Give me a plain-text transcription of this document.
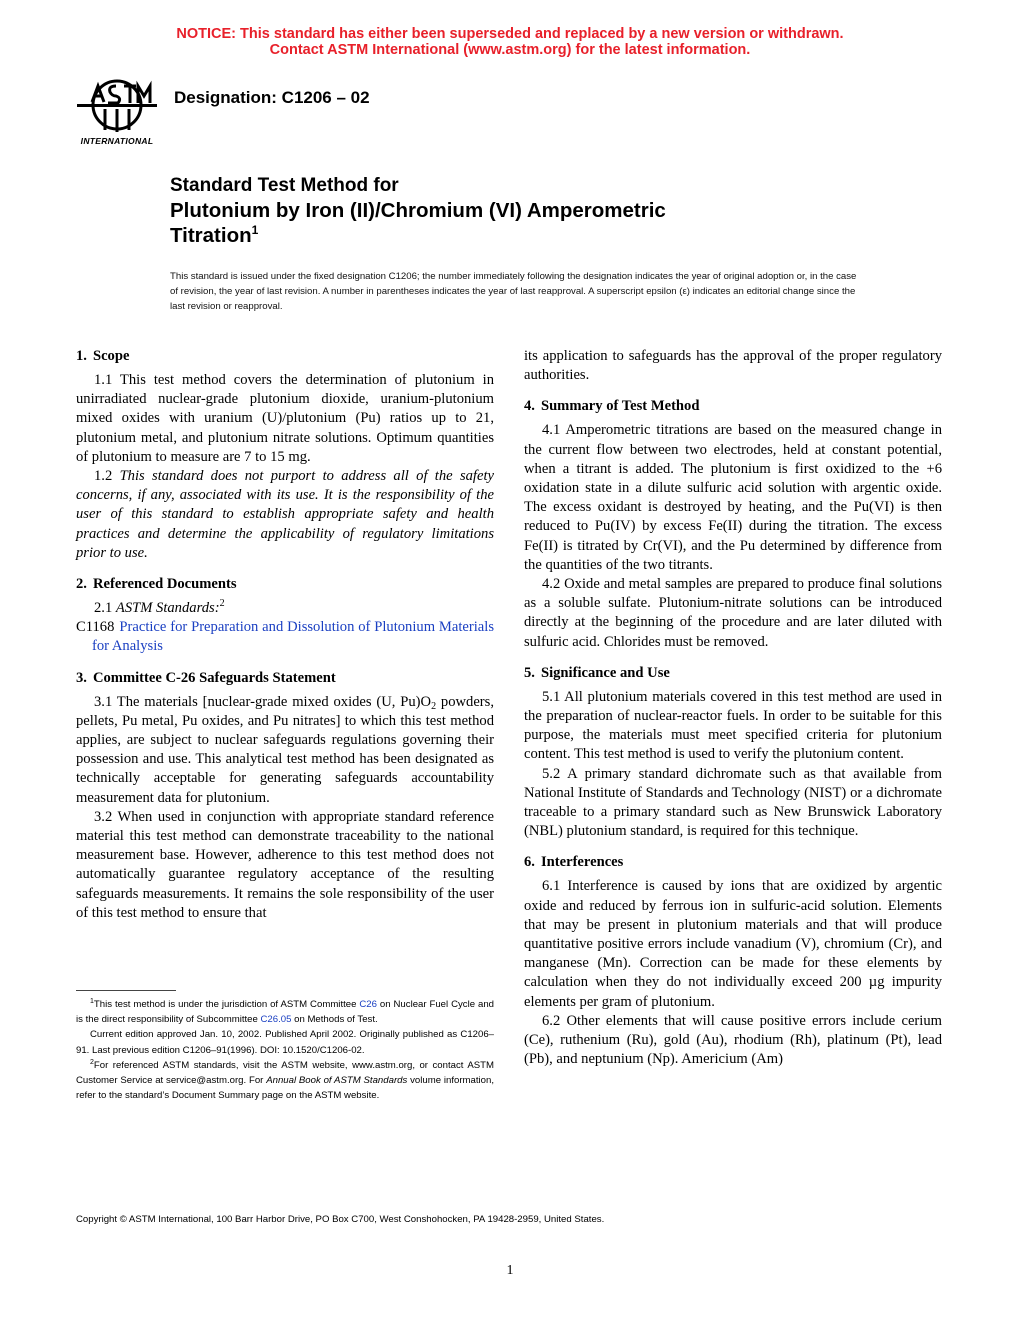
NOTICE: This standard has either been superseded and replaced by a new version or withdrawn.
Contact ASTM International (www.astm.org) for the latest information.
INTERNATIONAL
Designation: C1206 – 02
Standard Test Method for
Plutonium by Iron (II)/Chromium (VI) Amperometric
Titration$^1$
This standard is issued under the fixed designation C1206; the number immediately following the designation indicates the year of original adoption or, in the case of revision, the year of last revision. A number in parentheses indicates the year of last reapproval. A superscript epsilon (ε) indicates an editorial change since the last revision or reapproval.
1. Scope

1.1 This test method covers the determination of plutonium in unirradiated nuclear-grade plutonium dioxide, uranium-plutonium mixed oxides with uranium (U)/plutonium (Pu) ratios up to 21, plutonium metal, and plutonium nitrate solutions. Optimum quantities of plutonium to measure are 7 to 15 mg.

1.2 This standard does not purport to address all of the safety concerns, if any, associated with its use. It is the responsibility of the user of this standard to establish appropriate safety and health practices and determine the applicability of regulatory limitations prior to use.

2. Referenced Documents

2.1 ASTM Standards:$^2$

C1168 Practice for Preparation and Dissolution of Plutonium Materials for Analysis

3. Committee C-26 Safeguards Statement

3.1 The materials [nuclear-grade mixed oxides (U, $Pu)O_2$ powders, pellets, Pu metal, Pu oxides, and Pu nitrates] to which this test method applies, are subject to nuclear safeguards regulations governing their possession and use. This analytical test method has been designated as technically acceptable for generating safeguards accountability measurement data for plutonium.

3.2 When used in conjunction with appropriate standard reference material this test method can demonstrate traceability to the national measurement base. However, adherence to this test method does not automatically guarantee regulatory acceptance of the resulting safeguards measurements. It remains the sole responsibility of the user of this test method to ensure that

its application to safeguards has the approval of the proper regulatory authorities.

4. Summary of Test Method

4.1 Amperometric titrations are based on the measured change in the current flow between two electrodes, held at constant potential, when a titrant is added. The plutonium is first oxidized to the +6 oxidation state in a dilute sulfuric acid solution with argentic oxide. The excess oxidant is destroyed by heating, and the Pu(VI) is then reduced to Pu(IV) by excess Fe(II) during the titration. The excess Fe(II) is titrated by Cr(VI), and the Pu determined by difference from the quantities of the two titrants.

4.2 Oxide and metal samples are prepared to produce final solutions as a soluble sulfate. Plutonium-nitrate solutions can be introduced directly at the beginning of the procedure and are later diluted with sulfuric acid. Chlorides must be removed.

5. Significance and Use

5.1 All plutonium materials covered in this test method are used in the preparation of nuclear-reactor fuels. In order to be suitable for this purpose, the materials must meet specified criteria for plutonium content. This test method is used to verify the plutonium content.

5.2 A primary standard dichromate such as that available from National Institute of Standards and Technology (NIST) or a dichromate traceable to a primary standard such as New Brunswick Laboratory (NBL) plutonium standard, is required for this technique.

6. Interferences

6.1 Interference is caused by ions that are oxidized by argentic oxide and reduced by ferrous ion in sulfuric-acid solution. Elements that may be present in plutonium materials and that will produce quantitative positive errors include vanadium (V), chromium (Cr), and manganese (Mn). Correction can be made for these elements by calculation when they do not individually exceed 200 µg impurity elements per gram of plutonium.

6.2 Other elements that will cause positive errors include cerium (Ce), ruthenium (Ru), gold (Au), rhodium (Rh), platinum (Pt), lead (Pb), and neptunium (Np). Americium (Am)

$^1$This test method is under the jurisdiction of ASTM Committee C26 on Nuclear Fuel Cycle and is the direct responsibility of Subcommittee C26.05 on Methods of Test.

Current edition approved Jan. 10, 2002. Published April 2002. Originally published as C1206–91. Last previous edition C1206–91(1996). DOI: 10.1520/C1206-02.

$^2$For referenced ASTM standards, visit the ASTM website, www.astm.org, or contact ASTM Customer Service at service@astm.org. For Annual Book of ASTM Standards volume information, refer to the standard’s Document Summary page on the ASTM website.

Copyright © ASTM International, 100 Barr Harbor Drive, PO Box C700, West Conshohocken, PA 19428-2959, United States.
1
